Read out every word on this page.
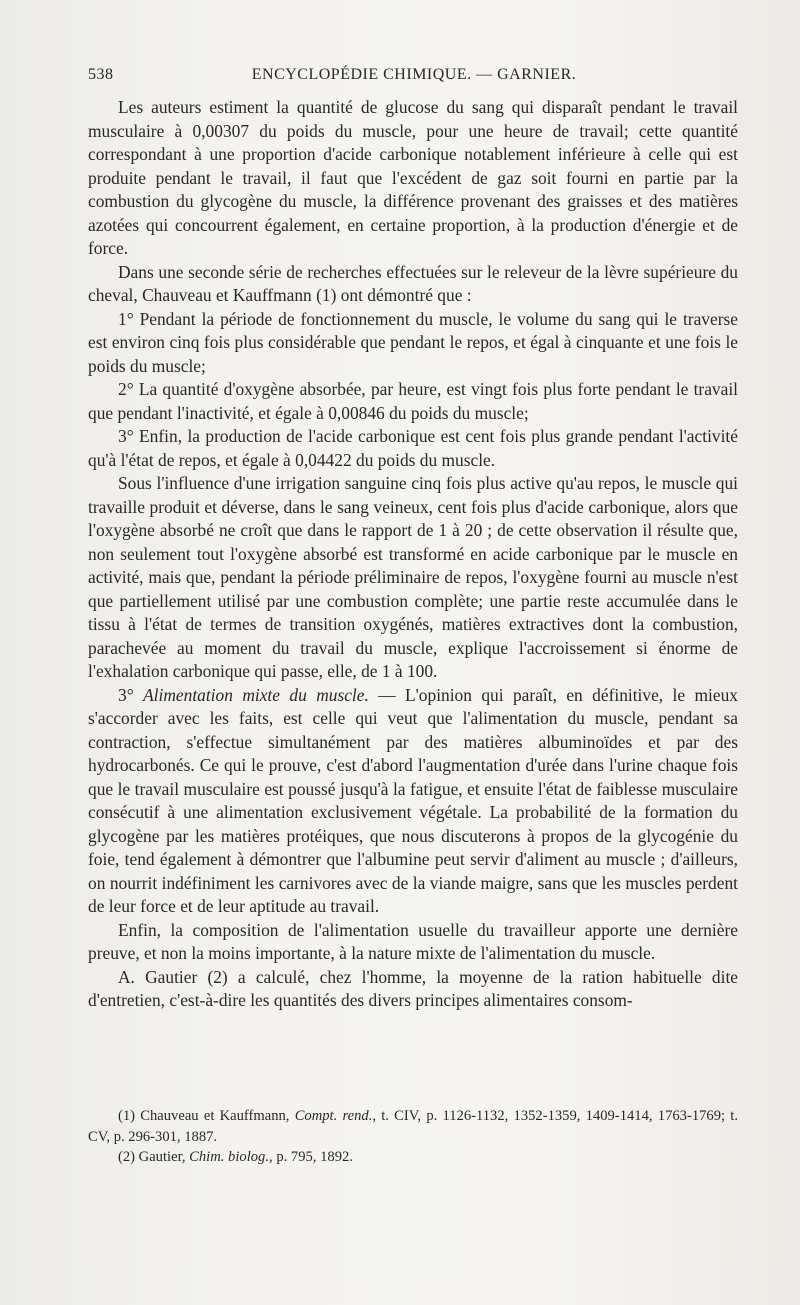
538	ENCYCLOPÉDIE CHIMIQUE. — GARNIER.

Les auteurs estiment la quantité de glucose du sang qui disparaît pendant le travail musculaire à 0,00307 du poids du muscle, pour une heure de travail; cette quantité correspondant à une proportion d'acide carbonique notablement inférieure à celle qui est produite pendant le travail, il faut que l'excédent de gaz soit fourni en partie par la combustion du glycogène du muscle, la différence provenant des graisses et des matières azotées qui concourrent également, en certaine proportion, à la production d'énergie et de force.

Dans une seconde série de recherches effectuées sur le releveur de la lèvre supérieure du cheval, Chauveau et Kauffmann (1) ont démontré que :

1° Pendant la période de fonctionnement du muscle, le volume du sang qui le traverse est environ cinq fois plus considérable que pendant le repos, et égal à cinquante et une fois le poids du muscle;

2° La quantité d'oxygène absorbée, par heure, est vingt fois plus forte pendant le travail que pendant l'inactivité, et égale à 0,00846 du poids du muscle;

3° Enfin, la production de l'acide carbonique est cent fois plus grande pendant l'activité qu'à l'état de repos, et égale à 0,04422 du poids du muscle.

Sous l'influence d'une irrigation sanguine cinq fois plus active qu'au repos, le muscle qui travaille produit et déverse, dans le sang veineux, cent fois plus d'acide carbonique, alors que l'oxygène absorbé ne croît que dans le rapport de 1 à 20 ; de cette observation il résulte que, non seulement tout l'oxygène absorbé est transformé en acide carbonique par le muscle en activité, mais que, pendant la période préliminaire de repos, l'oxygène fourni au muscle n'est que partiellement utilisé par une combustion complète; une partie reste accumulée dans le tissu à l'état de termes de transition oxygénés, matières extractives dont la combustion, parachevée au moment du travail du muscle, explique l'accroissement si énorme de l'exhalation carbonique qui passe, elle, de 1 à 100.

3° Alimentation mixte du muscle. — L'opinion qui paraît, en définitive, le mieux s'accorder avec les faits, est celle qui veut que l'alimentation du muscle, pendant sa contraction, s'effectue simultanément par des matières albuminoïdes et par des hydrocarbonés. Ce qui le prouve, c'est d'abord l'augmentation d'urée dans l'urine chaque fois que le travail musculaire est poussé jusqu'à la fatigue, et ensuite l'état de faiblesse musculaire consécutif à une alimentation exclusivement végétale. La probabilité de la formation du glycogène par les matières protéiques, que nous discuterons à propos de la glycogénie du foie, tend également à démontrer que l'albumine peut servir d'aliment au muscle ; d'ailleurs, on nourrit indéfiniment les carnivores avec de la viande maigre, sans que les muscles perdent de leur force et de leur aptitude au travail.

Enfin, la composition de l'alimentation usuelle du travailleur apporte une dernière preuve, et non la moins importante, à la nature mixte de l'alimentation du muscle.

A. Gautier (2) a calculé, chez l'homme, la moyenne de la ration habituelle dite d'entretien, c'est-à-dire les quantités des divers principes alimentaires consom-

(1) Chauveau et Kauffmann, Compt. rend., t. CIV, p. 1126-1132, 1352-1359, 1409-1414, 1763-1769; t. CV, p. 296-301, 1887.

(2) Gautier, Chim. biolog., p. 795, 1892.
